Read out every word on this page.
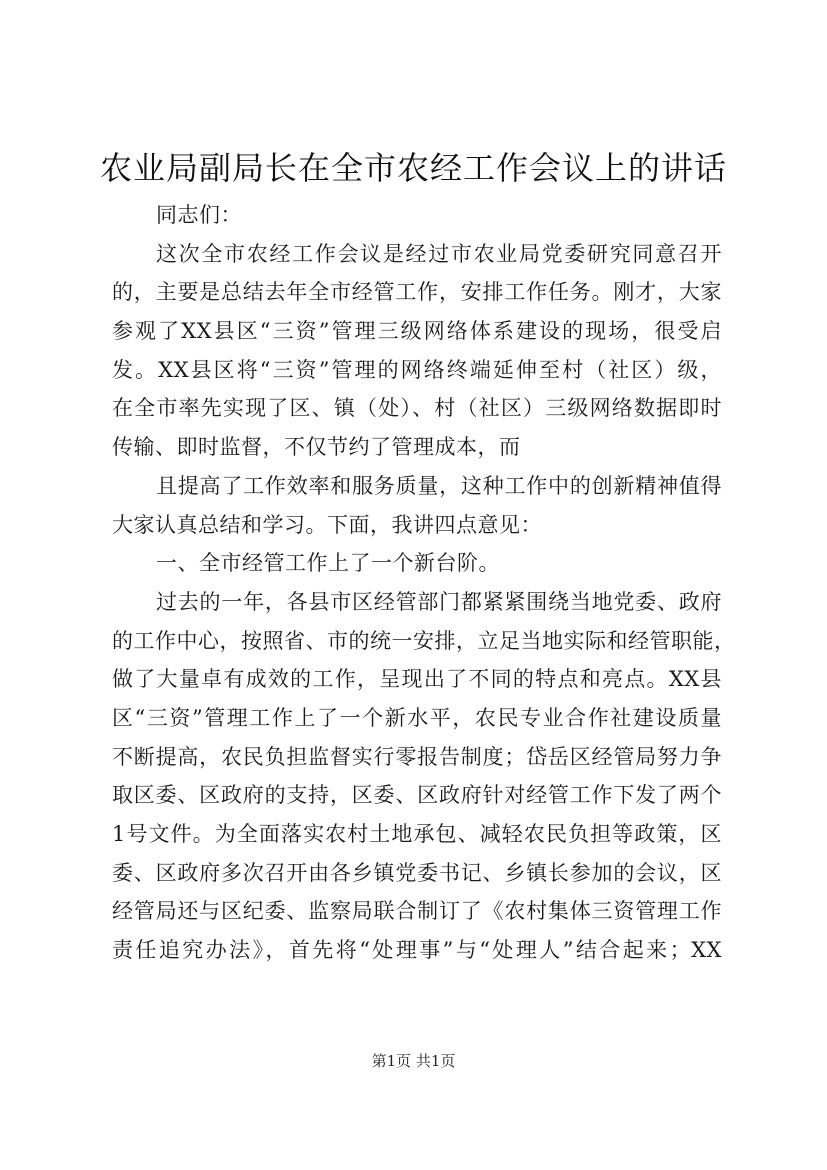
农业局副局长在全市农经工作会议上的讲话
同志们：
这次全市农经工作会议是经过市农业局党委研究同意召开
的，主要是总结去年全市经管工作，安排工作任务。刚才，大家
参观了XX县区“三资”管理三级网络体系建设的现场，很受启
发。XX县区将“三资”管理的网络终端延伸至村（社区）级，
在全市率先实现了区、镇（处）、村（社区）三级网络数据即时
传输、即时监督，不仅节约了管理成本，而
且提高了工作效率和服务质量，这种工作中的创新精神值得
大家认真总结和学习。下面，我讲四点意见：
一、全市经管工作上了一个新台阶。
过去的一年，各县市区经管部门都紧紧围绕当地党委、政府
的工作中心，按照省、市的统一安排，立足当地实际和经管职能，
做了大量卓有成效的工作，呈现出了不同的特点和亮点。XX县
区“三资”管理工作上了一个新水平，农民专业合作社建设质量
不断提高，农民负担监督实行零报告制度；岱岳区经管局努力争
取区委、区政府的支持，区委、区政府针对经管工作下发了两个
1号文件。为全面落实农村土地承包、减轻农民负担等政策，区
委、区政府多次召开由各乡镇党委书记、乡镇长参加的会议，区
经管局还与区纪委、监察局联合制订了《农村集体三资管理工作
责任追究办法》，首先将“处理事”与“处理人”结合起来；XX
第1页 共1页
